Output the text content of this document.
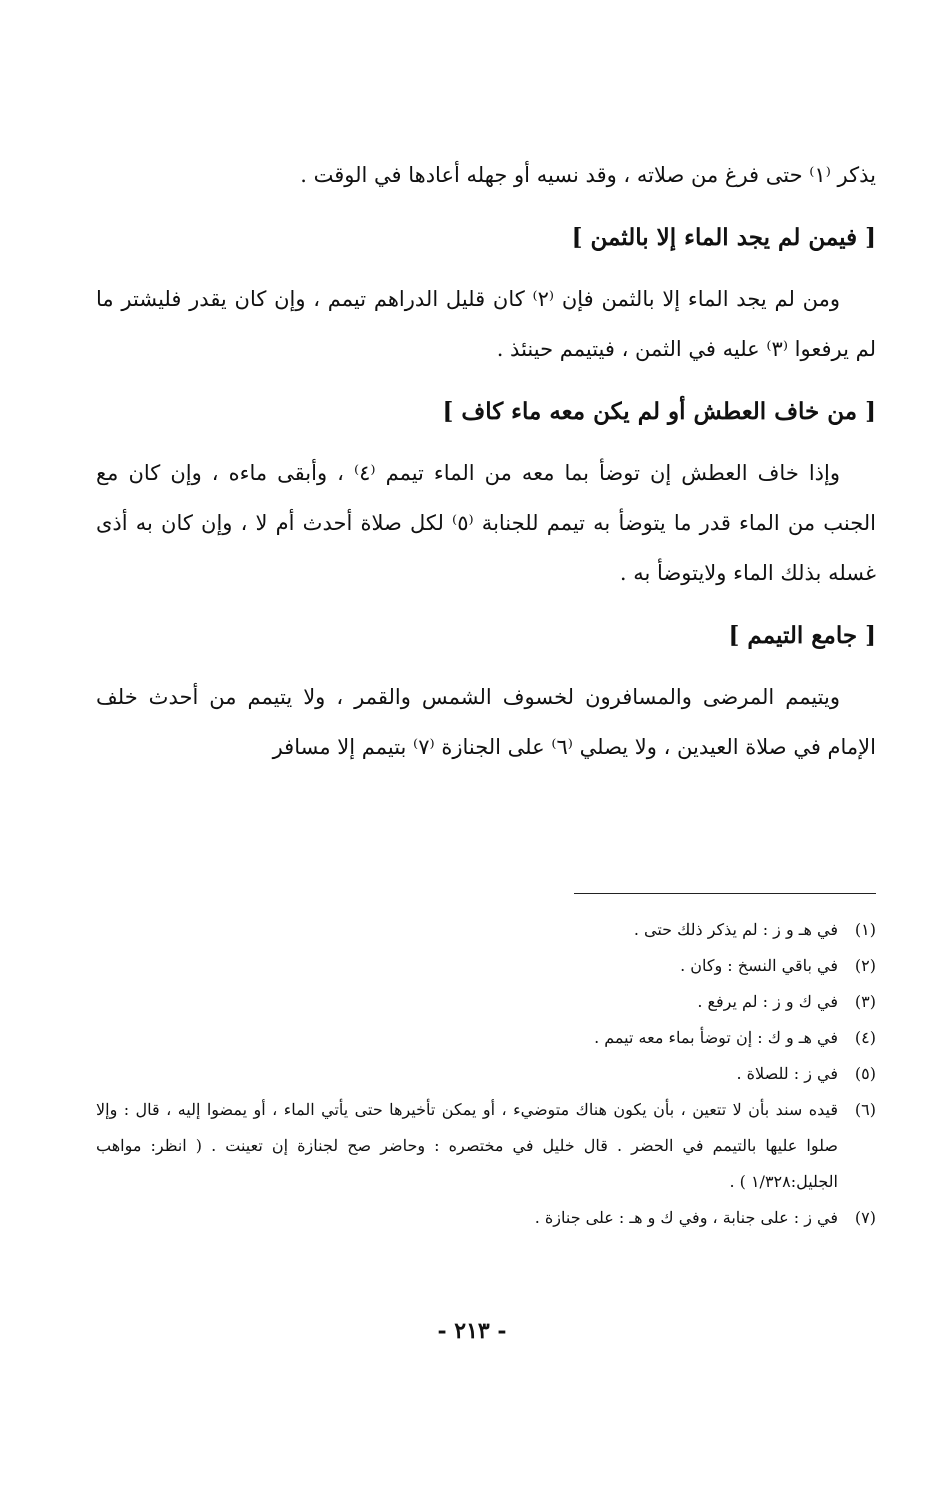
يذكر ⁽١⁾ حتى فرغ من صلاته ، وقد نسيه أو جهله أعادها في الوقت .

[ فيمن لم يجد الماء إلا بالثمن ]

ومن لم يجد الماء إلا بالثمن فإن ⁽٢⁾ كان قليل الدراهم تيمم ، وإن كان يقدر فليشتر ما لم يرفعوا ⁽٣⁾ عليه في الثمن ، فيتيمم حينئذ .

[ من خاف العطش أو لم يكن معه ماء كاف ]

وإذا خاف العطش إن توضأ بما معه من الماء تيمم ⁽٤⁾ ، وأبقى ماءه ، وإن كان مع الجنب من الماء قدر ما يتوضأ به تيمم للجنابة ⁽٥⁾ لكل صلاة أحدث أم لا ، وإن كان به أذى غسله بذلك الماء ولايتوضأ به .

[ جامع التيمم ]

ويتيمم المرضى والمسافرون لخسوف الشمس والقمر ، ولا يتيمم من أحدث خلف الإمام في صلاة العيدين ، ولا يصلي ⁽٦⁾ على الجنازة ⁽٧⁾ بتيمم إلا مسافر

(١)
في هـ و ز : لم يذكر ذلك حتى .

(٢)
في باقي النسخ : وكان .

(٣)
في ك و ز : لم يرفع .

(٤)
في هـ و ك : إن توضأ بماء معه تيمم .

(٥)
في ز : للصلاة .

(٦)
قيده سند بأن لا تتعين ، بأن يكون هناك متوضيء ، أو يمكن تأخيرها حتى يأتي الماء ، أو يمضوا إليه ، قال : وإلا صلوا عليها بالتيمم في الحضر . قال خليل في مختصره : وحاضر صح لجنازة إن تعينت . ( انظر: مواهب الجليل:١/٣٢٨ ) .

(٧)
في ز : على جنابة ، وفي ك و هـ : على جنازة .

- ٢١٣ -
